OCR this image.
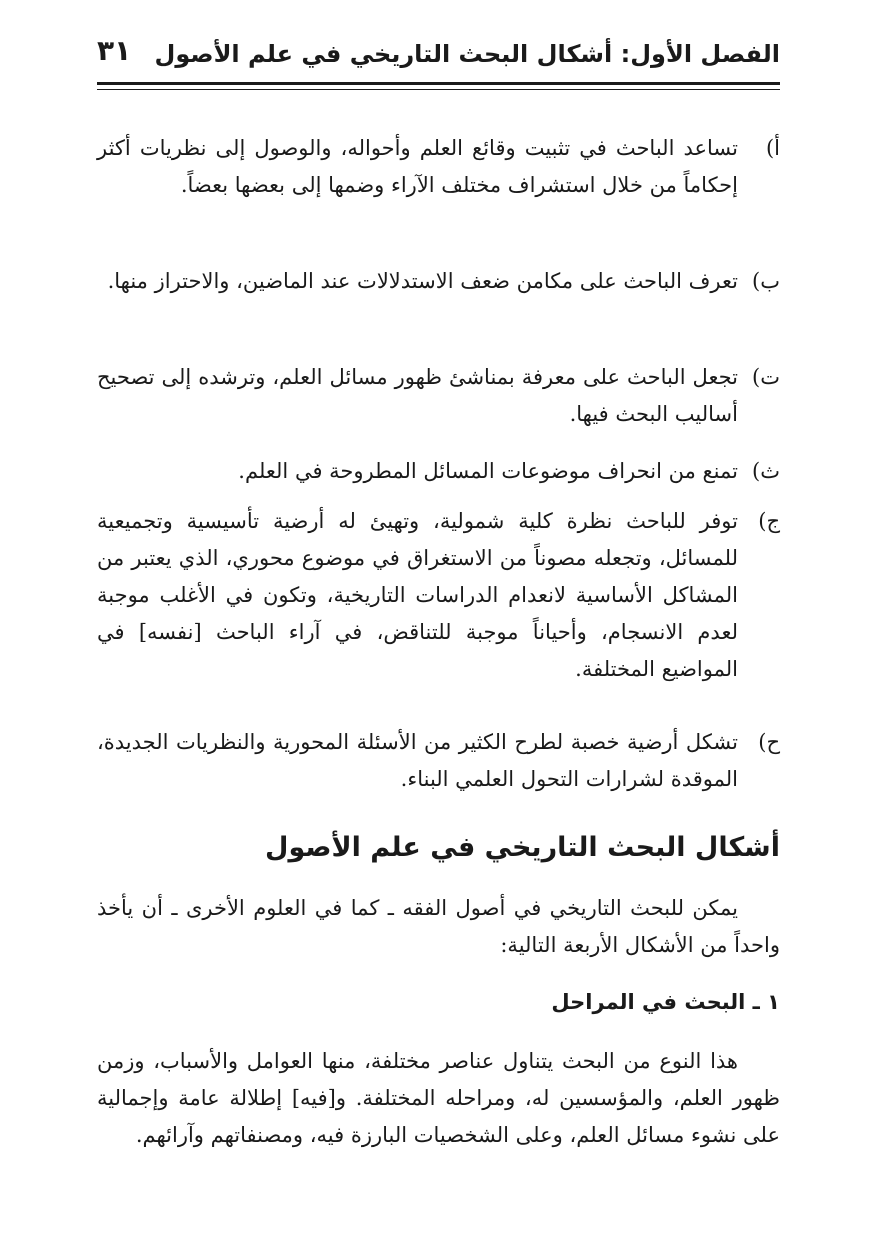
الفصل الأول: أشكال البحث التاريخي في علم الأصول
٣١
أ)
تساعد الباحث في تثبيت وقائع العلم وأحواله، والوصول إلى نظريات أكثر إحكاماً من خلال استشراف مختلف الآراء وضمها إلى بعضها بعضاً.
ب)
تعرف الباحث على مكامن ضعف الاستدلالات عند الماضين، والاحتراز منها.
ت)
تجعل الباحث على معرفة بمناشئ ظهور مسائل العلم، وترشده إلى تصحيح أساليب البحث فيها.
ث)
تمنع من انحراف موضوعات المسائل المطروحة في العلم.
ج)
توفر للباحث نظرة كلية شمولية، وتهيئ له أرضية تأسيسية وتجميعية للمسائل، وتجعله مصوناً من الاستغراق في موضوع محوري، الذي يعتبر من المشاكل الأساسية لانعدام الدراسات التاريخية، وتكون في الأغلب موجبة لعدم الانسجام، وأحياناً موجبة للتناقض، في آراء الباحث [نفسه] في المواضيع المختلفة.
ح)
تشكل أرضية خصبة لطرح الكثير من الأسئلة المحورية والنظريات الجديدة، الموقدة لشرارات التحول العلمي البناء.
أشكال البحث التاريخي في علم الأصول
يمكن للبحث التاريخي في أصول الفقه ـ كما في العلوم الأخرى ـ أن يأخذ واحداً من الأشكال الأربعة التالية:
١ ـ البحث في المراحل
هذا النوع من البحث يتناول عناصر مختلفة، منها العوامل والأسباب، وزمن ظهور العلم، والمؤسسين له، ومراحله المختلفة. و[فيه] إطلالة عامة وإجمالية على نشوء مسائل العلم، وعلى الشخصيات البارزة فيه، ومصنفاتهم وآرائهم.
